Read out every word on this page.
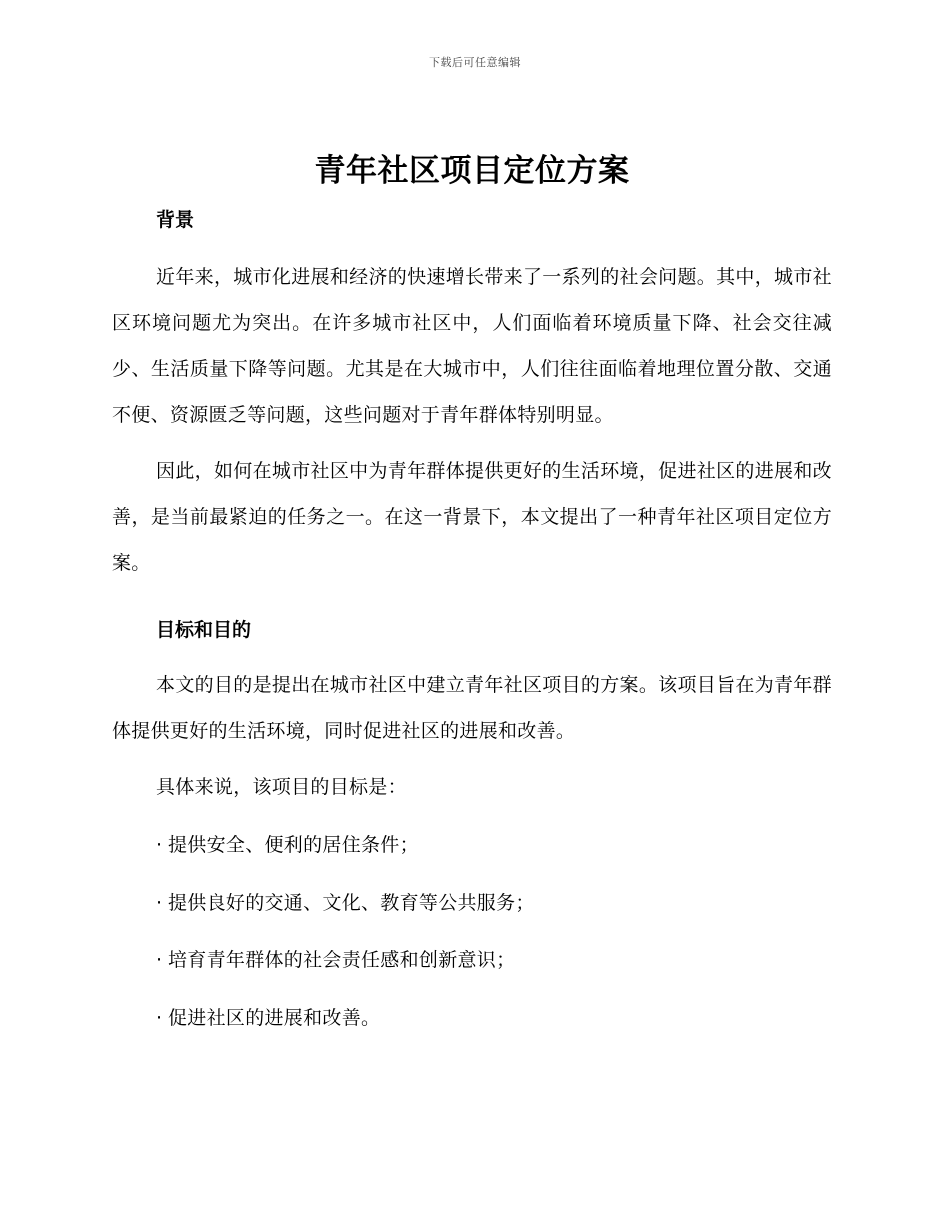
下载后可任意编辑
青年社区项目定位方案
背景

近年来，城市化进展和经济的快速增长带来了一系列的社会问题。其中，城市社区环境问题尤为突出。在许多城市社区中，人们面临着环境质量下降、社会交往减少、生活质量下降等问题。尤其是在大城市中，人们往往面临着地理位置分散、交通不便、资源匮乏等问题，这些问题对于青年群体特别明显。

因此，如何在城市社区中为青年群体提供更好的生活环境，促进社区的进展和改善，是当前最紧迫的任务之一。在这一背景下，本文提出了一种青年社区项目定位方案。

目标和目的

本文的目的是提出在城市社区中建立青年社区项目的方案。该项目旨在为青年群体提供更好的生活环境，同时促进社区的进展和改善。

具体来说，该项目的目标是：

· 提供安全、便利的居住条件；
· 提供良好的交通、文化、教育等公共服务；
· 培育青年群体的社会责任感和创新意识；
· 促进社区的进展和改善。
